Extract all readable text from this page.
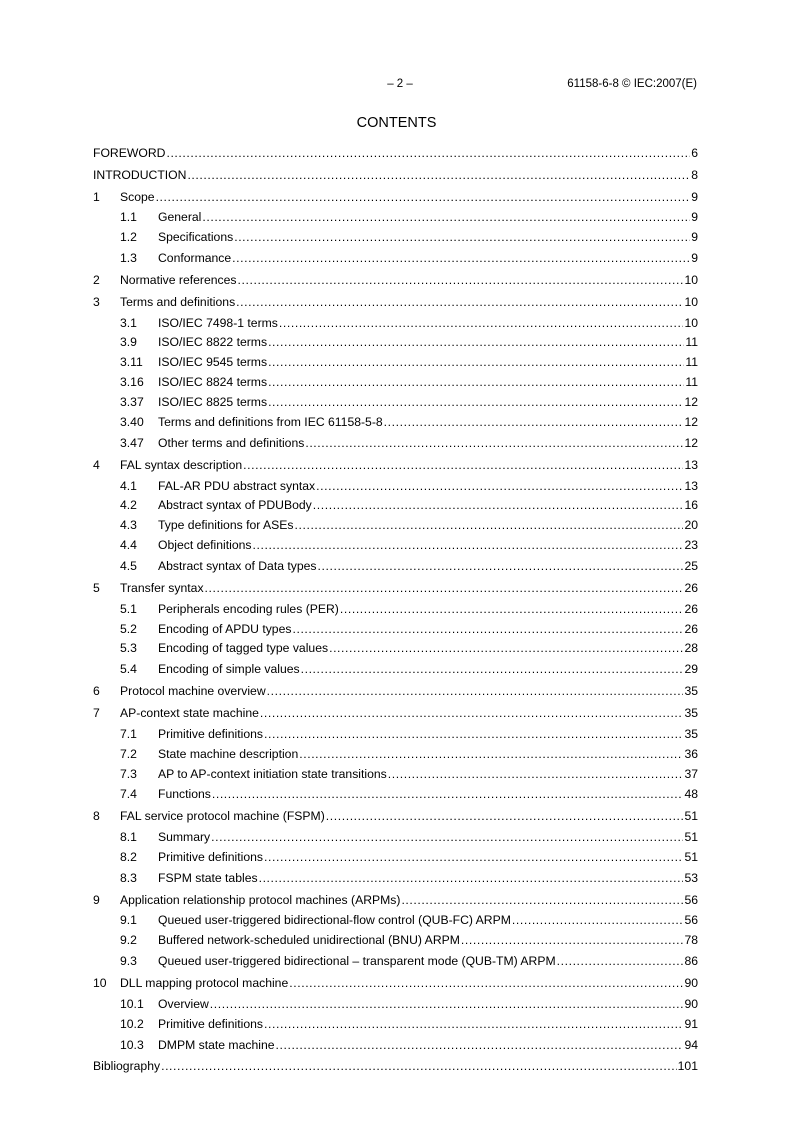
– 2 –	61158-6-8 © IEC:2007(E)
CONTENTS
FOREWORD .....	6
INTRODUCTION .....	8
1	Scope .....	9
1.1	General .....	9
1.2	Specifications .....	9
1.3	Conformance .....	9
2	Normative references .....	10
3	Terms and definitions .....	10
3.1	ISO/IEC 7498-1 terms .....	10
3.9	ISO/IEC 8822 terms .....	11
3.11	ISO/IEC 9545 terms .....	11
3.16	ISO/IEC 8824 terms .....	11
3.37	ISO/IEC 8825 terms .....	12
3.40	Terms and definitions from IEC 61158-5-8 .....	12
3.47	Other terms and definitions .....	12
4	FAL syntax description .....	13
4.1	FAL-AR PDU abstract syntax .....	13
4.2	Abstract syntax of PDUBody .....	16
4.3	Type definitions for ASEs .....	20
4.4	Object definitions .....	23
4.5	Abstract syntax of Data types .....	25
5	Transfer syntax .....	26
5.1	Peripherals encoding rules (PER) .....	26
5.2	Encoding of APDU types .....	26
5.3	Encoding of tagged type values .....	28
5.4	Encoding of simple values .....	29
6	Protocol machine overview .....	35
7	AP-context state machine .....	35
7.1	Primitive definitions .....	35
7.2	State machine description .....	36
7.3	AP to AP-context initiation state transitions .....	37
7.4	Functions .....	48
8	FAL service protocol machine (FSPM) .....	51
8.1	Summary .....	51
8.2	Primitive definitions .....	51
8.3	FSPM state tables .....	53
9	Application relationship protocol machines (ARPMs) .....	56
9.1	Queued user-triggered bidirectional-flow control (QUB-FC) ARPM .....	56
9.2	Buffered network-scheduled unidirectional (BNU) ARPM .....	78
9.3	Queued user-triggered bidirectional – transparent mode (QUB-TM) ARPM .....	86
10	DLL mapping protocol machine .....	90
10.1	Overview .....	90
10.2	Primitive definitions .....	91
10.3	DMPM state machine .....	94
Bibliography .....	101
